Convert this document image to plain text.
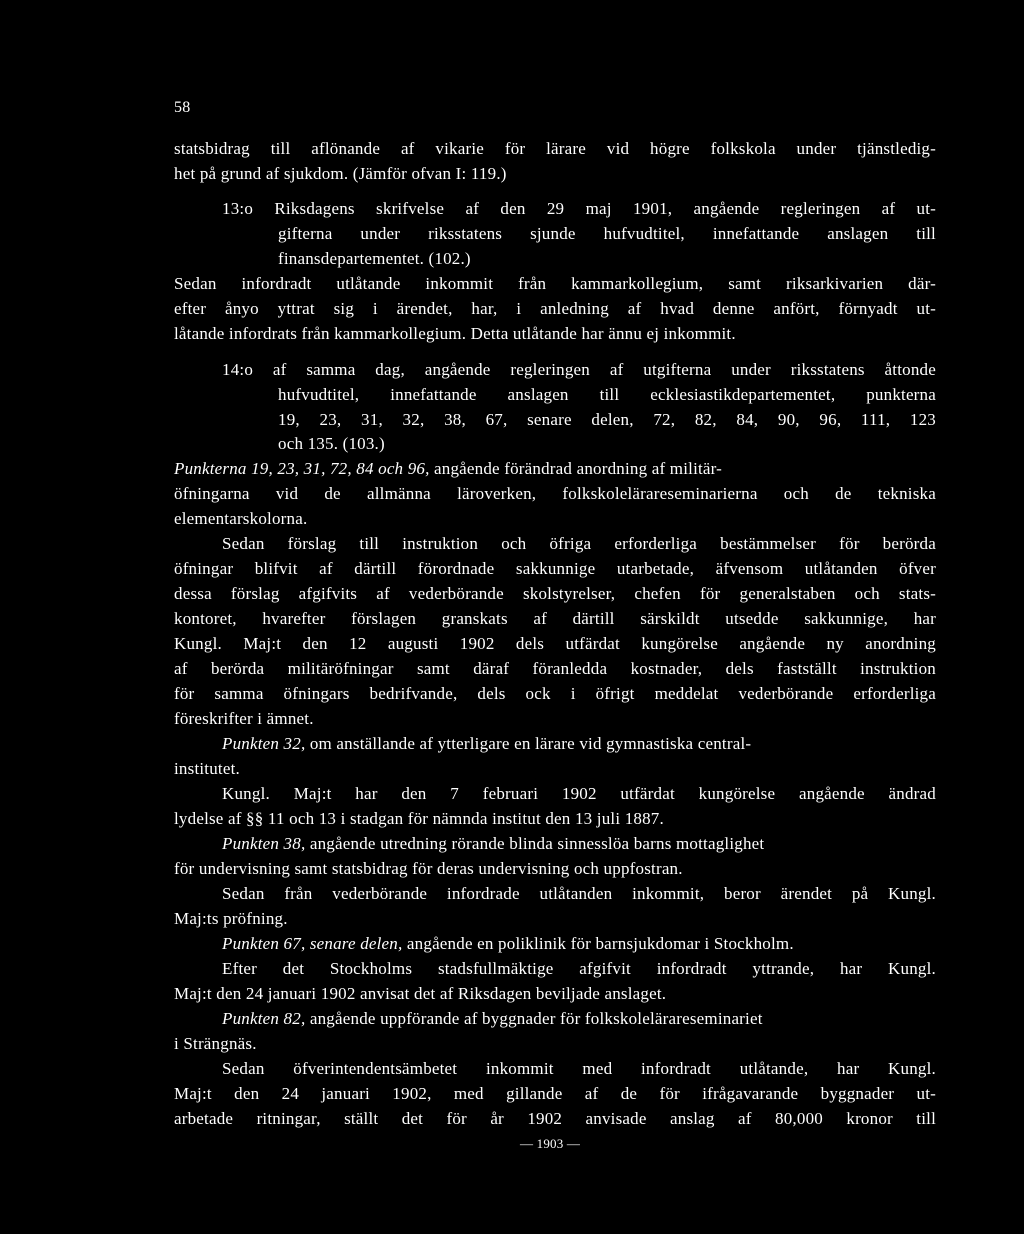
58
statsbidrag till aflönande af vikarie för lärare vid högre folkskola under tjänstledig-
het på grund af sjukdom. (Jämför ofvan I: 119.)
13:o Riksdagens skrifvelse af den 29 maj 1901, angående regleringen af ut-
gifterna under riksstatens sjunde hufvudtitel, innefattande anslagen till
finansdepartementet. (102.)
Sedan infordradt utlåtande inkommit från kammarkollegium, samt riksarkivarien där-
efter ånyo yttrat sig i ärendet, har, i anledning af hvad denne anfört, förnyadt ut-
låtande infordrats från kammarkollegium. Detta utlåtande har ännu ej inkommit.
14:o af samma dag, angående regleringen af utgifterna under riksstatens åttonde
hufvudtitel, innefattande anslagen till ecklesiastikdepartementet, punkterna
19, 23, 31, 32, 38, 67, senare delen, 72, 82, 84, 90, 96, 111, 123
och 135. (103.)
Punkterna 19, 23, 31, 72, 84 och 96, angående förändrad anordning af militär-
öfningarna vid de allmänna läroverken, folkskolelärareseminarierna och de tekniska
elementarskolorna.
Sedan förslag till instruktion och öfriga erforderliga bestämmelser för berörda
öfningar blifvit af därtill förordnade sakkunnige utarbetade, äfvensom utlåtanden öfver
dessa förslag afgifvits af vederbörande skolstyrelser, chefen för generalstaben och stats-
kontoret, hvarefter förslagen granskats af därtill särskildt utsedde sakkunnige, har
Kungl. Maj:t den 12 augusti 1902 dels utfärdat kungörelse angående ny anordning
af berörda militäröfningar samt däraf föranledda kostnader, dels fastställt instruktion
för samma öfningars bedrifvande, dels ock i öfrigt meddelat vederbörande erforderliga
föreskrifter i ämnet.
Punkten 32, om anställande af ytterligare en lärare vid gymnastiska central-
institutet.
Kungl. Maj:t har den 7 februari 1902 utfärdat kungörelse angående ändrad
lydelse af §§ 11 och 13 i stadgan för nämnda institut den 13 juli 1887.
Punkten 38, angående utredning rörande blinda sinnesslöa barns mottaglighet
för undervisning samt statsbidrag för deras undervisning och uppfostran.
Sedan från vederbörande infordrade utlåtanden inkommit, beror ärendet på Kungl.
Maj:ts pröfning.
Punkten 67, senare delen, angående en poliklinik för barnsjukdomar i Stockholm.
Efter det Stockholms stadsfullmäktige afgifvit infordradt yttrande, har Kungl.
Maj:t den 24 januari 1902 anvisat det af Riksdagen beviljade anslaget.
Punkten 82, angående uppförande af byggnader för folkskolelärareseminariet
i Strängnäs.
Sedan öfverintendentsämbetet inkommit med infordradt utlåtande, har Kungl.
Maj:t den 24 januari 1902, med gillande af de för ifrågavarande byggnader ut-
arbetade ritningar, ställt det för år 1902 anvisade anslag af 80,000 kronor till
— 1903 —
